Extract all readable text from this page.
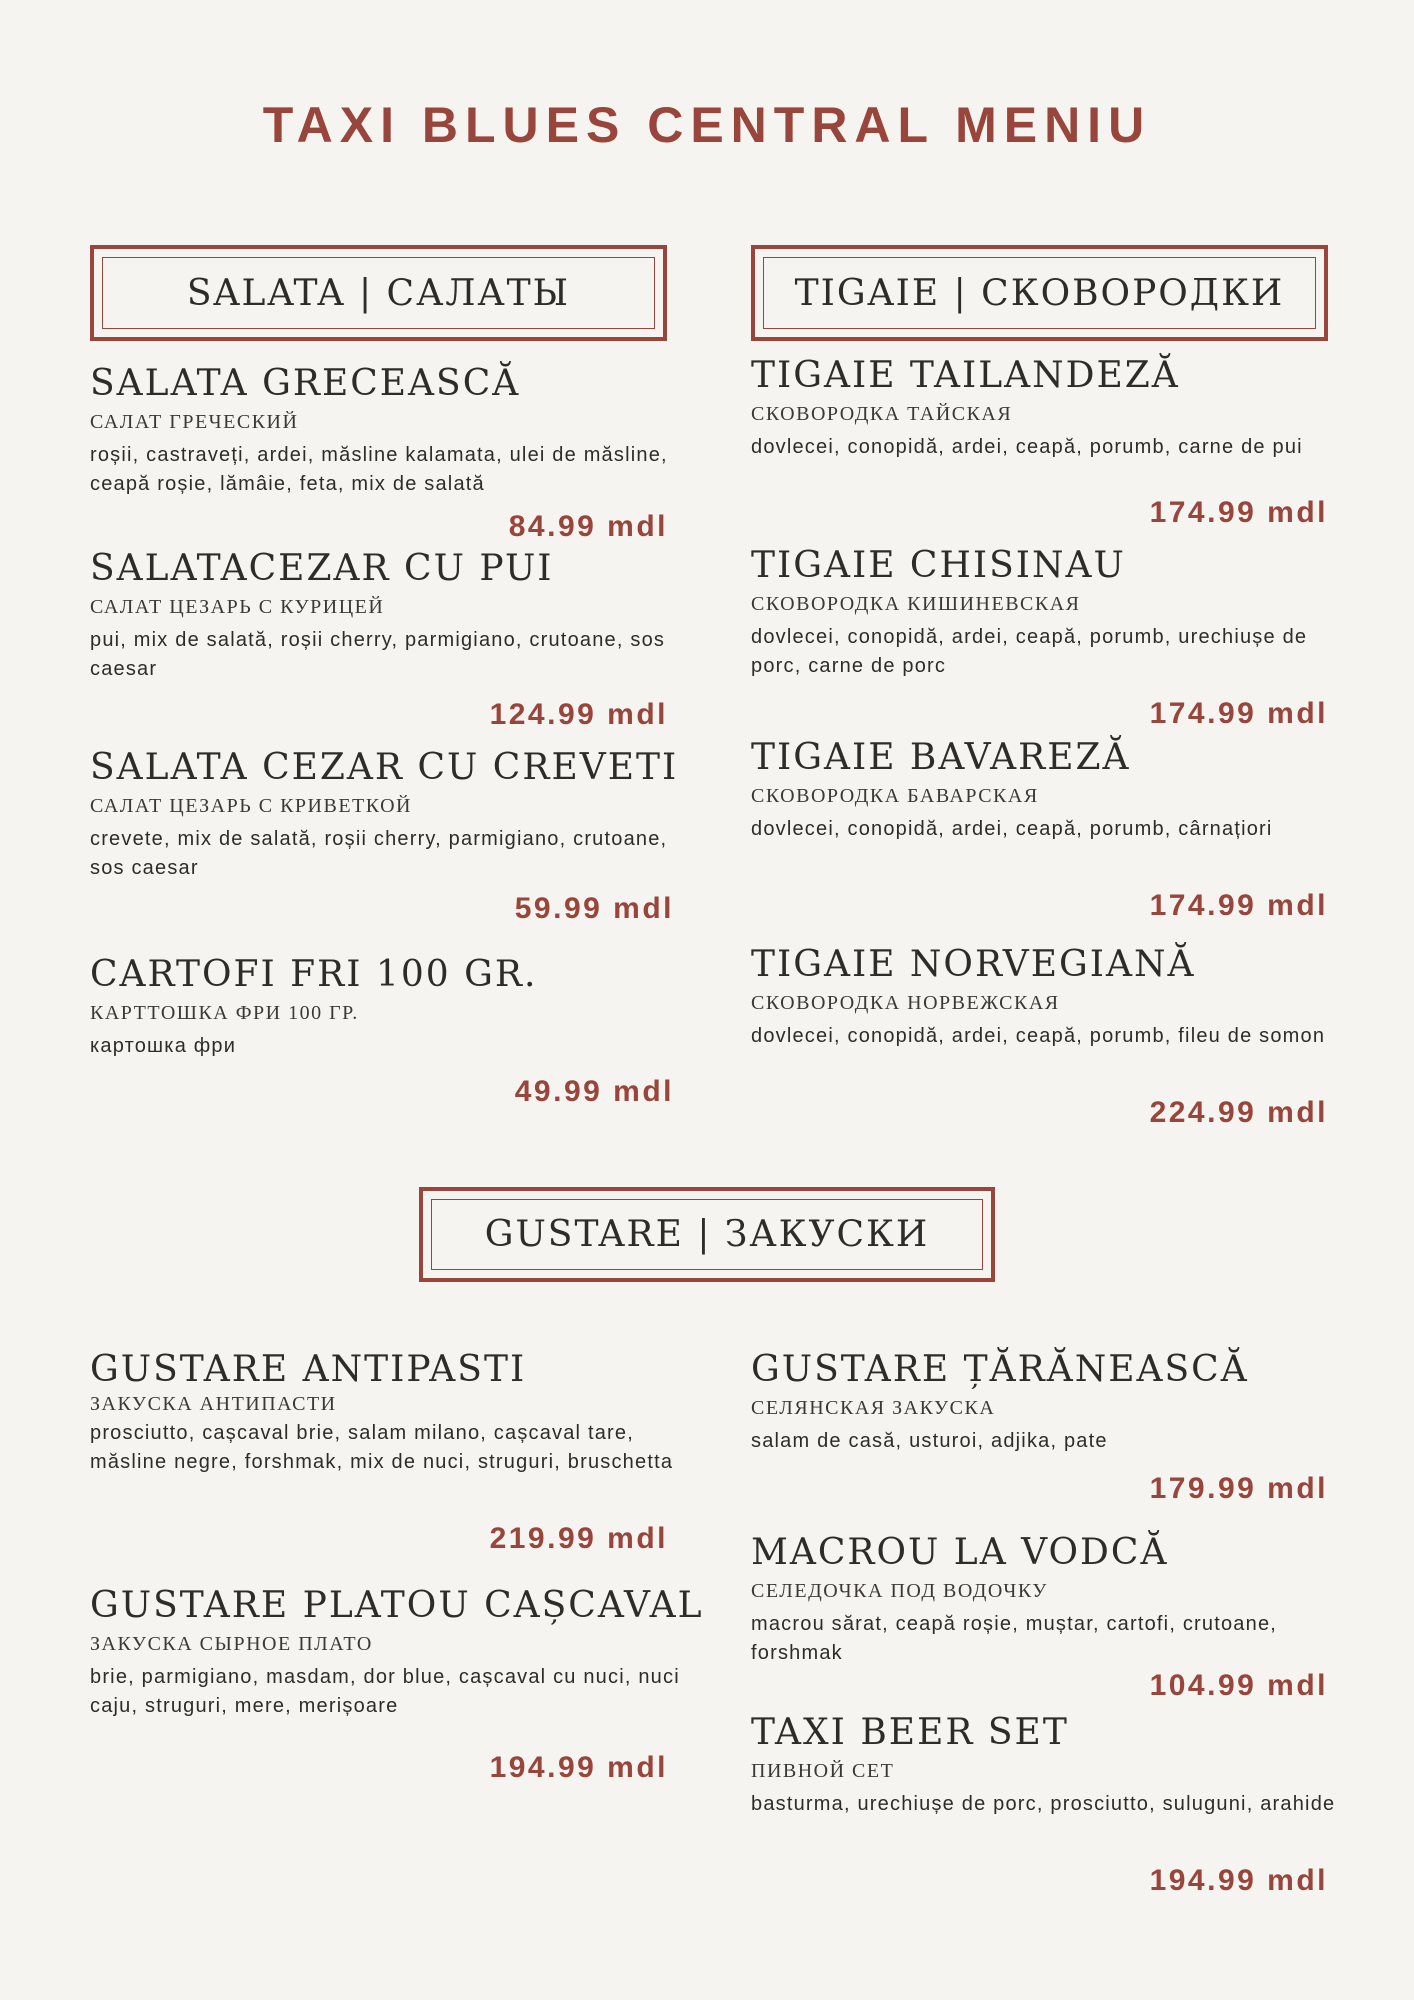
TAXI BLUES CENTRAL MENIU
SALATA | САЛАТЫ	TIGAIE | СКОВОРОДКИ
GUSTARE | ЗАКУСКИ
SALATA GRECEASCĂ
САЛАТ ГРЕЧЕСКИЙ
roșii, castraveți, ardei, măsline kalamata, ulei de măsline, ceapă roșie, lămâie, feta, mix de salată
84.99 mdl
SALATACEZAR CU PUI
САЛАТ ЦЕЗАРЬ С КУРИЦЕЙ
pui, mix de salată, roșii cherry, parmigiano, crutoane, sos caesar
124.99 mdl
SALATA CEZAR CU CREVETI
САЛАТ ЦЕЗАРЬ С КРИВЕТКОЙ
crevete, mix de salată, roșii cherry, parmigiano, crutoane, sos caesar
59.99 mdl
CARTOFI FRI 100 GR.
КАРТТОШКА ФРИ 100 ГР.
картошка фри
49.99 mdl
TIGAIE TAILANDEZĂ
СКОВОРОДКА ТАЙСКАЯ
dovlecei, conopidă, ardei, ceapă, porumb, carne de pui
174.99 mdl
TIGAIE CHISINAU
СКОВОРОДКА КИШИНЕВСКАЯ
dovlecei, conopidă, ardei, ceapă, porumb, urechiușe de porc, carne de porc
174.99 mdl
TIGAIE BAVAREZĂ
СКОВОРОДКА БАВАРСКАЯ
dovlecei, conopidă, ardei, ceapă, porumb, cârnațiori
174.99 mdl
TIGAIE NORVEGIANĂ
СКОВОРОДКА НОРВЕЖСКАЯ
dovlecei, conopidă, ardei, ceapă, porumb, fileu de somon
224.99 mdl
GUSTARE ANTIPASTI
ЗАКУСКА АНТИПАСТИ
prosciutto, cașcaval brie, salam milano, cașcaval tare, măsline negre, forshmak, mix de nuci, struguri, bruschetta
219.99 mdl
GUSTARE PLATOU CAȘCAVAL
ЗАКУСКА СЫРНОЕ ПЛАТО
brie, parmigiano, masdam, dor blue, cașcaval cu nuci, nuci caju, struguri, mere, merișoare
194.99 mdl
GUSTARE ȚĂRĂNEASCĂ
СЕЛЯНСКАЯ ЗАКУСКА
salam de casă, usturoi, adjika, pate
179.99 mdl
MACROU LA VODCĂ
СЕЛЕДОЧКА ПОД ВОДОЧКУ
macrou sărat, ceapă roșie, muștar, cartofi, crutoane, forshmak
104.99 mdl
TAXI BEER SET
ПИВНОЙ СЕТ
basturma, urechiușe de porc, prosciutto, suluguni, arahide
194.99 mdl
